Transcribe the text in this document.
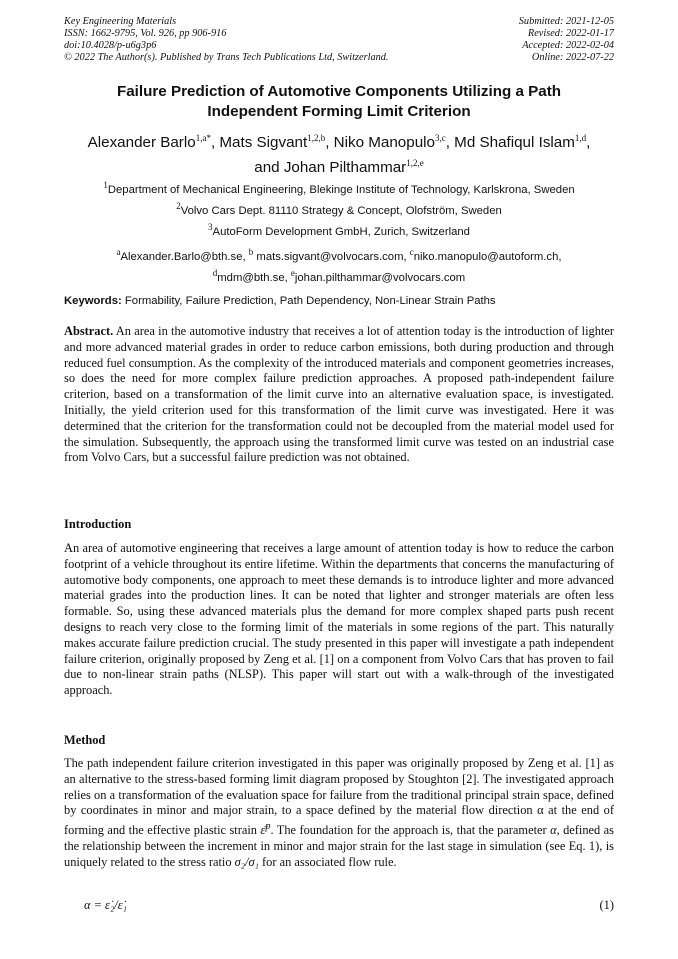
Key Engineering Materials
ISSN: 1662-9795, Vol. 926, pp 906-916
doi:10.4028/p-u6g3p6
© 2022 The Author(s). Published by Trans Tech Publications Ltd, Switzerland.
Submitted: 2021-12-05
Revised: 2022-01-17
Accepted: 2022-02-04
Online: 2022-07-22
Failure Prediction of Automotive Components Utilizing a Path
Independent Forming Limit Criterion
Alexander Barlo$^{1,a*}$, Mats Sigvant$^{1,2,b}$, Niko Manopulo$^{3,c}$, Md Shafiqul Islam$^{1,d}$,
and Johan Pilthammar$^{1,2,e}$
$^1$Department of Mechanical Engineering, Blekinge Institute of Technology, Karlskrona, Sweden
$^2$Volvo Cars Dept. 81110 Strategy & Concept, Olofström, Sweden
$^3$AutoForm Development GmbH, Zurich, Switzerland
$^a$Alexander.Barlo@bth.se, $^b$ mats.sigvant@volvocars.com, $^c$niko.manopulo@autoform.ch,
$^d$mdm@bth.se, $^e$johan.pilthammar@volvocars.com
Keywords: Formability, Failure Prediction, Path Dependency, Non-Linear Strain Paths
Abstract. An area in the automotive industry that receives a lot of attention today is the introduction of lighter and more advanced material grades in order to reduce carbon emissions, both during production and through reduced fuel consumption. As the complexity of the introduced materials and component geometries increases, so does the need for more complex failure prediction approaches. A proposed path-independent failure criterion, based on a transformation of the limit curve into an alternative evaluation space, is investigated. Initially, the yield criterion used for this transformation of the limit curve was investigated. Here it was determined that the criterion for the transformation could not be decoupled from the material model used for the simulation. Subsequently, the approach using the transformed limit curve was tested on an industrial case from Volvo Cars, but a successful failure prediction was not obtained.
Introduction
An area of automotive engineering that receives a large amount of attention today is how to reduce the carbon footprint of a vehicle throughout its entire lifetime. Within the departments that concerns the manufacturing of automotive body components, one approach to meet these demands is to introduce lighter and more advanced material grades into the production lines. It can be noted that lighter and stronger materials are often less formable. So, using these advanced materials plus the demand for more complex shaped parts push recent designs to reach very close to the forming limit of the materials in some regions of the part. This naturally makes accurate failure prediction crucial. The study presented in this paper will investigate a path independent failure criterion, originally proposed by Zeng et al. [1] on a component from Volvo Cars that has proven to fail due to non-linear strain paths (NLSP). This paper will start out with a walk-through of the investigated approach.
Method
The path independent failure criterion investigated in this paper was originally proposed by Zeng et al. [1] as an alternative to the stress-based forming limit diagram proposed by Stoughton [2]. The investigated approach relies on a transformation of the evaluation space for failure from the traditional principal strain space, defined by coordinates in minor and major strain, to a space defined by the material flow direction α at the end of forming and the effective plastic strain ε̄$^p$. The foundation for the approach is, that the parameter α, defined as the relationship between the increment in minor and major strain for the last stage in simulation (see Eq. 1), is uniquely related to the stress ratio σ₂/σ₁ for an associated flow rule.
α = ε̇₂/ε̇₁	(1)
